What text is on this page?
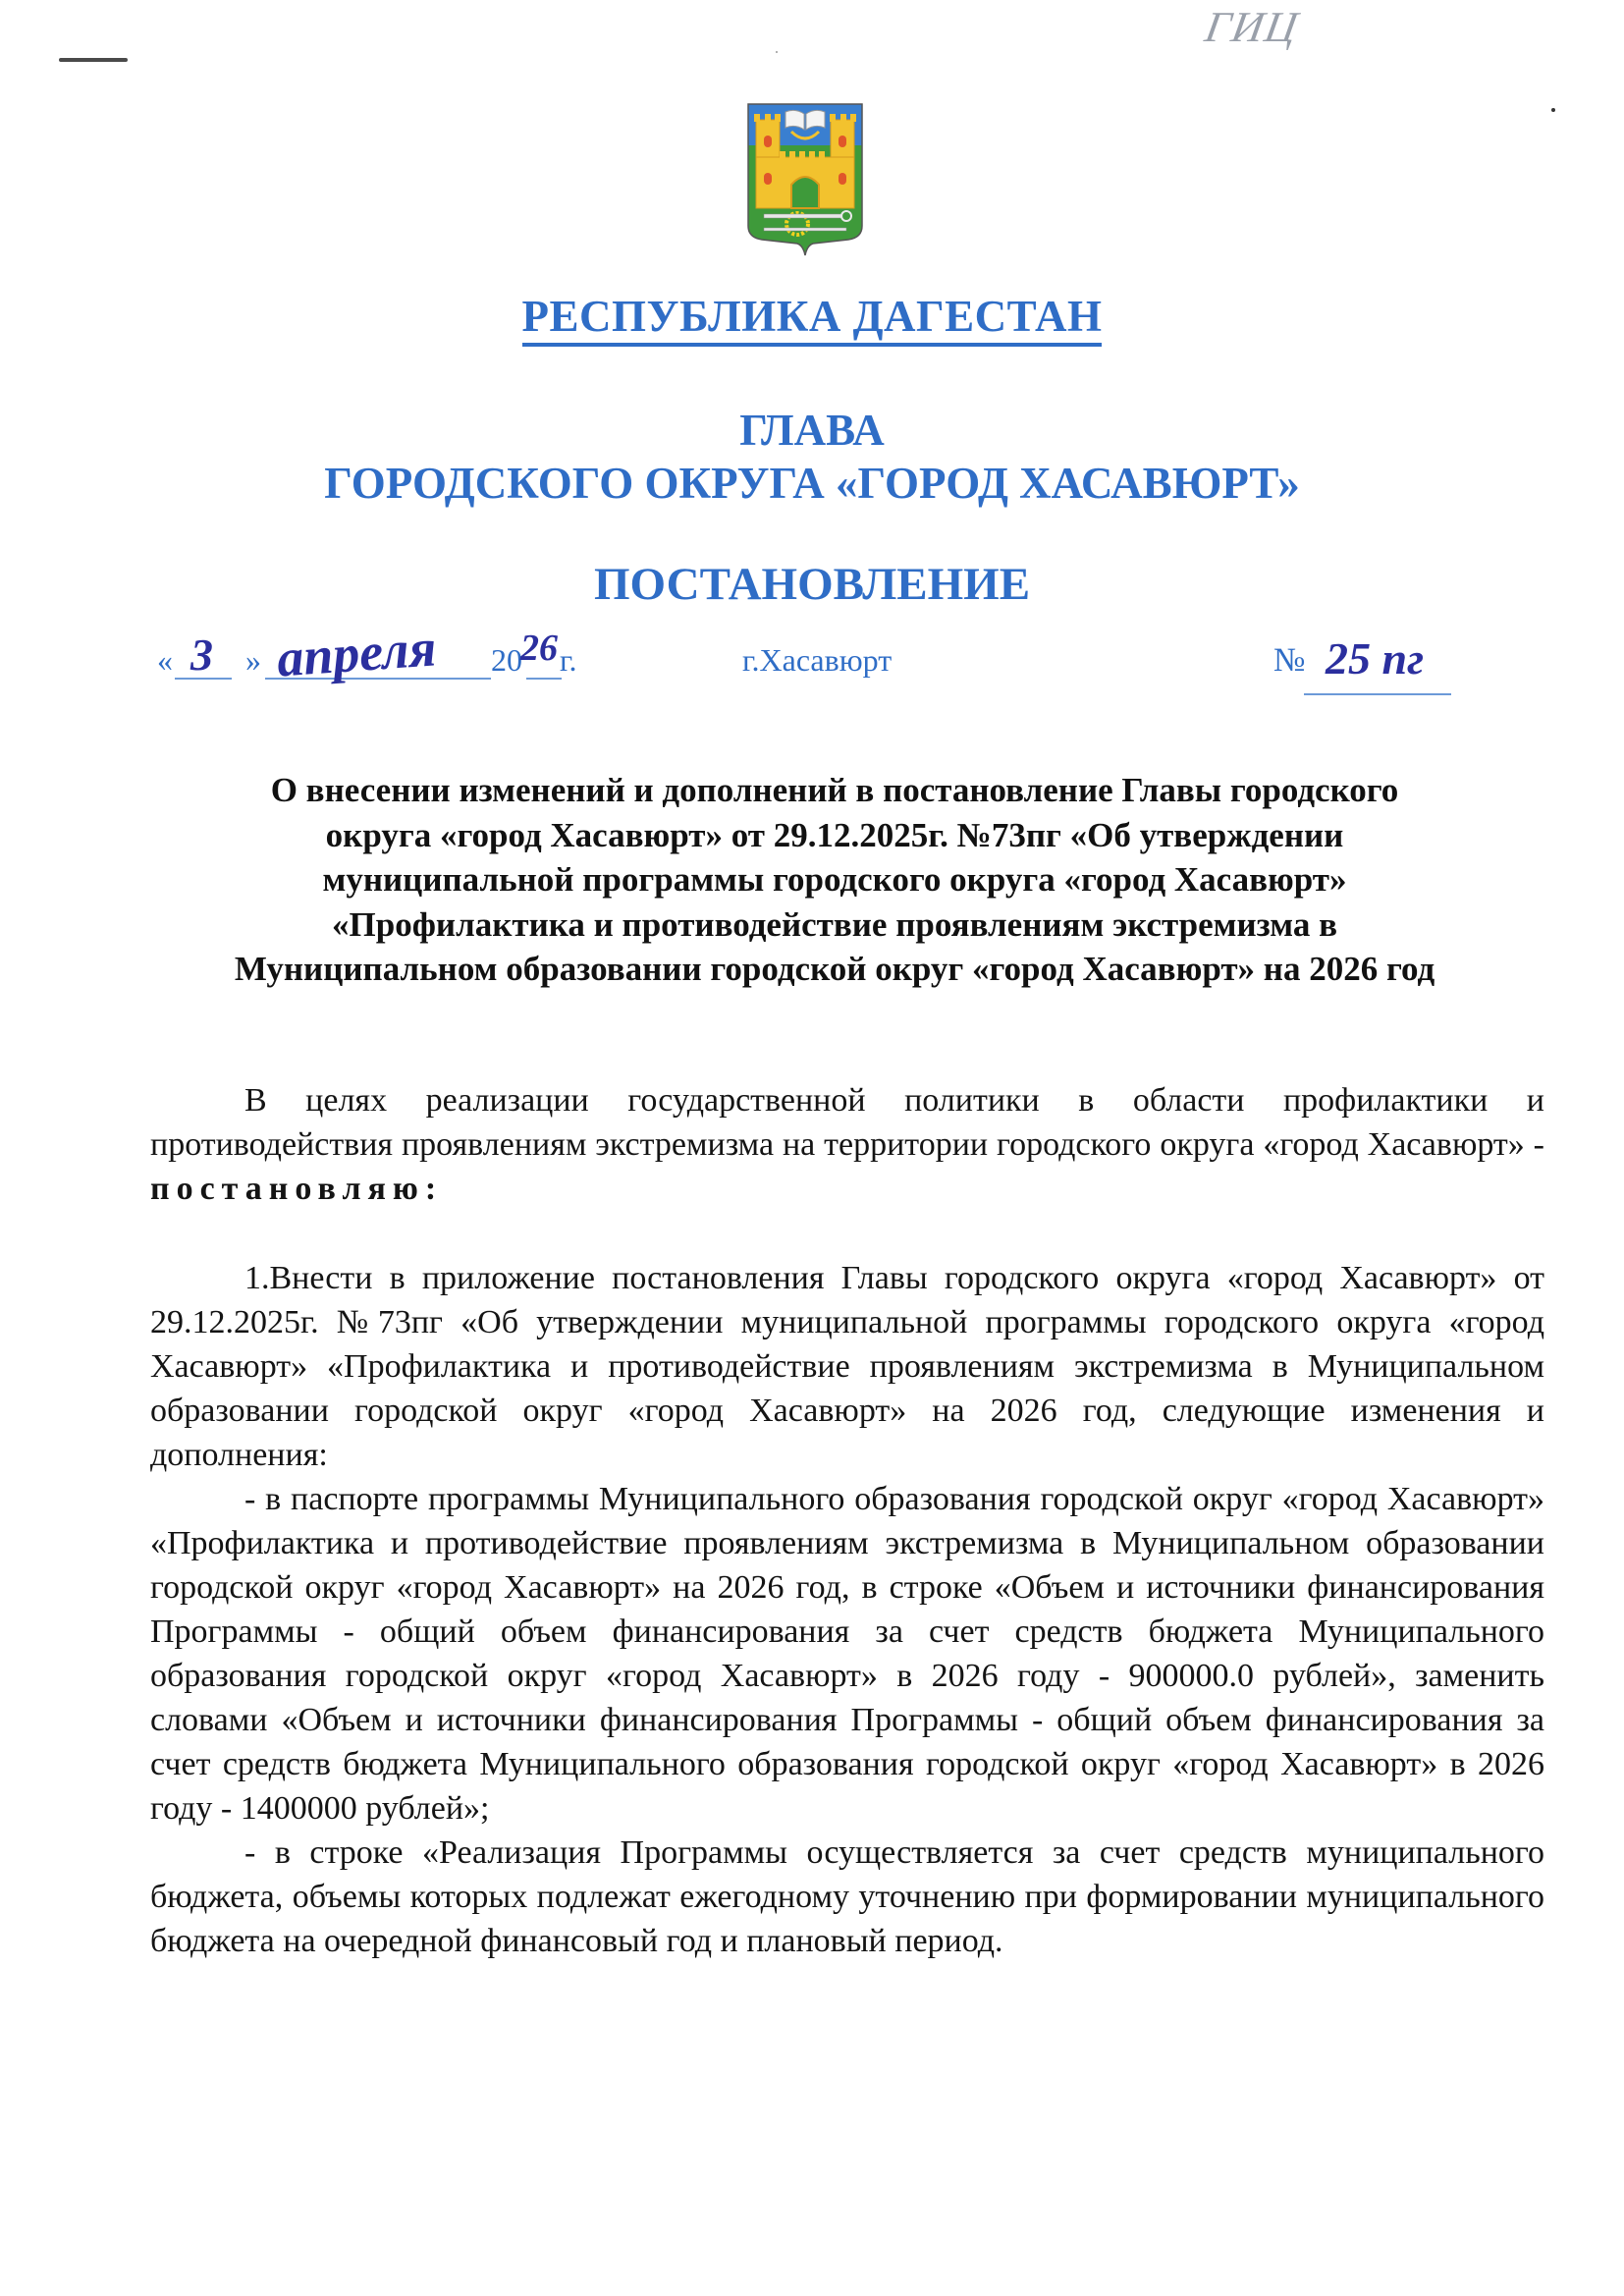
ГИЦ
РЕСПУБЛИКА ДАГЕСТАН
ГЛАВА
ГОРОДСКОГО ОКРУГА «ГОРОД ХАСАВЮРТ»
ПОСТАНОВЛЕНИЕ
« 3 » апреля 20
26 г.	г.Хасавюрт	№ 25 пг
О внесении изменений и дополнений в постановление Главы городского
округа «город Хасавюрт» от 29.12.2025г. №73пг «Об утверждении
муниципальной программы городского округа «город Хасавюрт»
«Профилактика и противодействие проявлениям экстремизма в
Муниципальном образовании городской округ «город Хасавюрт» на 2026 год

В целях реализации государственной политики в области профилактики и противодействия проявлениям экстремизма на территории городского округа «город Хасавюрт» - постановляю:

1.Внести в приложение постановления Главы городского округа «город Хасавюрт» от 29.12.2025г. №73пг «Об утверждении муниципальной программы городского округа «город Хасавюрт» «Профилактика и противодействие проявлениям экстремизма в Муниципальном образовании городской округ «город Хасавюрт» на 2026 год, следующие изменения и дополнения:

- в паспорте программы Муниципального образования городской округ «город Хасавюрт» «Профилактика и противодействие проявлениям экстремизма в Муниципальном образовании городской округ «город Хасавюрт» на 2026 год, в строке «Объем и источники финансирования Программы - общий объем финансирования за счет средств бюджета Муниципального образования городской округ «город Хасавюрт» в 2026 году - 900000.0 рублей», заменить словами «Объем и источники финансирования Программы - общий объем финансирования за счет средств бюджета Муниципального образования городской округ «город Хасавюрт» в 2026 году - 1400000 рублей»;

- в строке «Реализация Программы осуществляется за счет средств муниципального бюджета, объемы которых подлежат ежегодному уточнению при формировании муниципального бюджета на очередной финансовый год и плановый период.
